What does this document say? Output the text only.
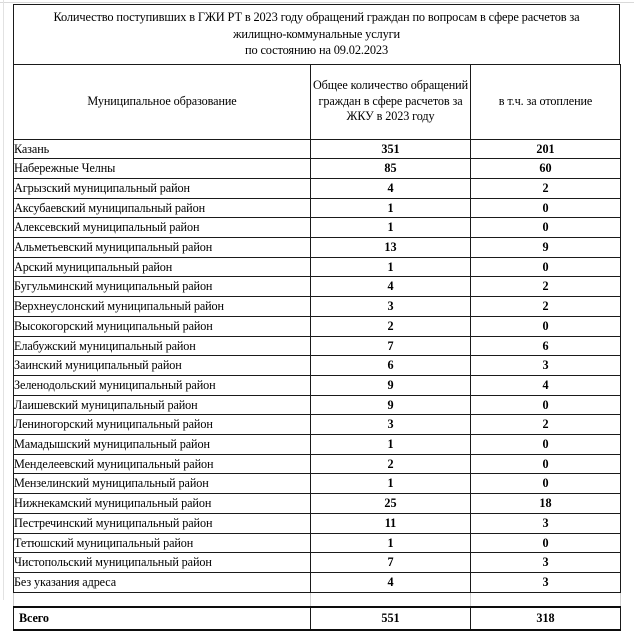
Количество поступивших в ГЖИ РТ в 2023 году обращений граждан по вопросам в сфере расчетов за
жилищно-коммунальные услуги
по состоянию на 09.02.2023
Муниципальное образование	Общее количество обращений граждан в сфере расчетов за ЖКУ в 2023 году	в т.ч. за отопление
Казань	351	201
Набережные Челны	85	60
Агрызский муниципальный район	4	2
Аксубаевский муниципальный район	1	0
Алексевский муниципальный район	1	0
Альметьевский муниципальный район	13	9
Арский муниципальный район	1	0
Бугульминский муниципальный район	4	2
Верхнеуслонский муниципальный район	3	2
Высокогорский муниципальный район	2	0
Елабужский муниципальный район	7	6
Заинский муниципальный район	6	3
Зеленодольский муниципальный район	9	4
Лаишевский муниципальный район	9	0
Лениногорский муниципальный район	3	2
Мамадышский муниципальный район	1	0
Менделеевский муниципальный район	2	0
Мензелинский муниципальный район	1	0
Нижнекамский муниципальный район	25	18
Пестречинский муниципальный район	11	3
Тетюшский муниципальный район	1	0
Чистопольский муниципальный район	7	3
Без указания адреса	4	3

Всего	551	318
